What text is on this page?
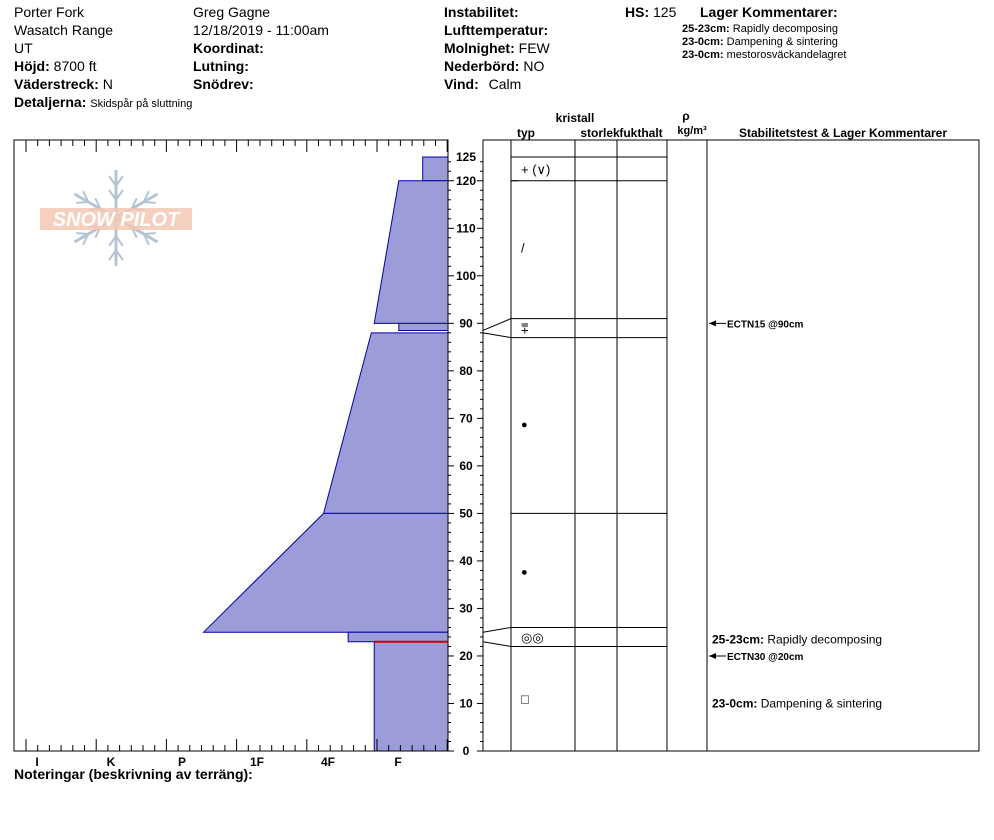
Porter Fork
Wasatch Range
UT
Höjd: 8700 ft
Väderstreck: N
Detaljerna: Skidspår på sluttning
Greg Gagne
12/18/2019 - 11:00am
Koordinat:
Lutning:
Snödrev:
Instabilitet:
Lufttemperatur:
Molnighet: FEW
Nederbörd: NO
Vind: Calm
HS: 125 Lager Kommentarer:
25-23cm: Rapidly decomposing
23-0cm: Dampening & sintering
23-0cm: mestorosväckandelagret
Noteringar (beskrivning av terräng):
SNOW PILOT
I	K	P	1F	4F	F
0
10
20
30
40
50
60
70
80
90
100
110
120
125
kristall
typ	storlek fukthalt
ρ
kg/m³	Stabilitetstest & Lager Kommentarer
+ (∨)
/
⩱
●
●
◎◎
□
ECTN15 @90cm
ECTN30 @20cm
25-23cm: Rapidly decomposing
23-0cm: Dampening & sintering
